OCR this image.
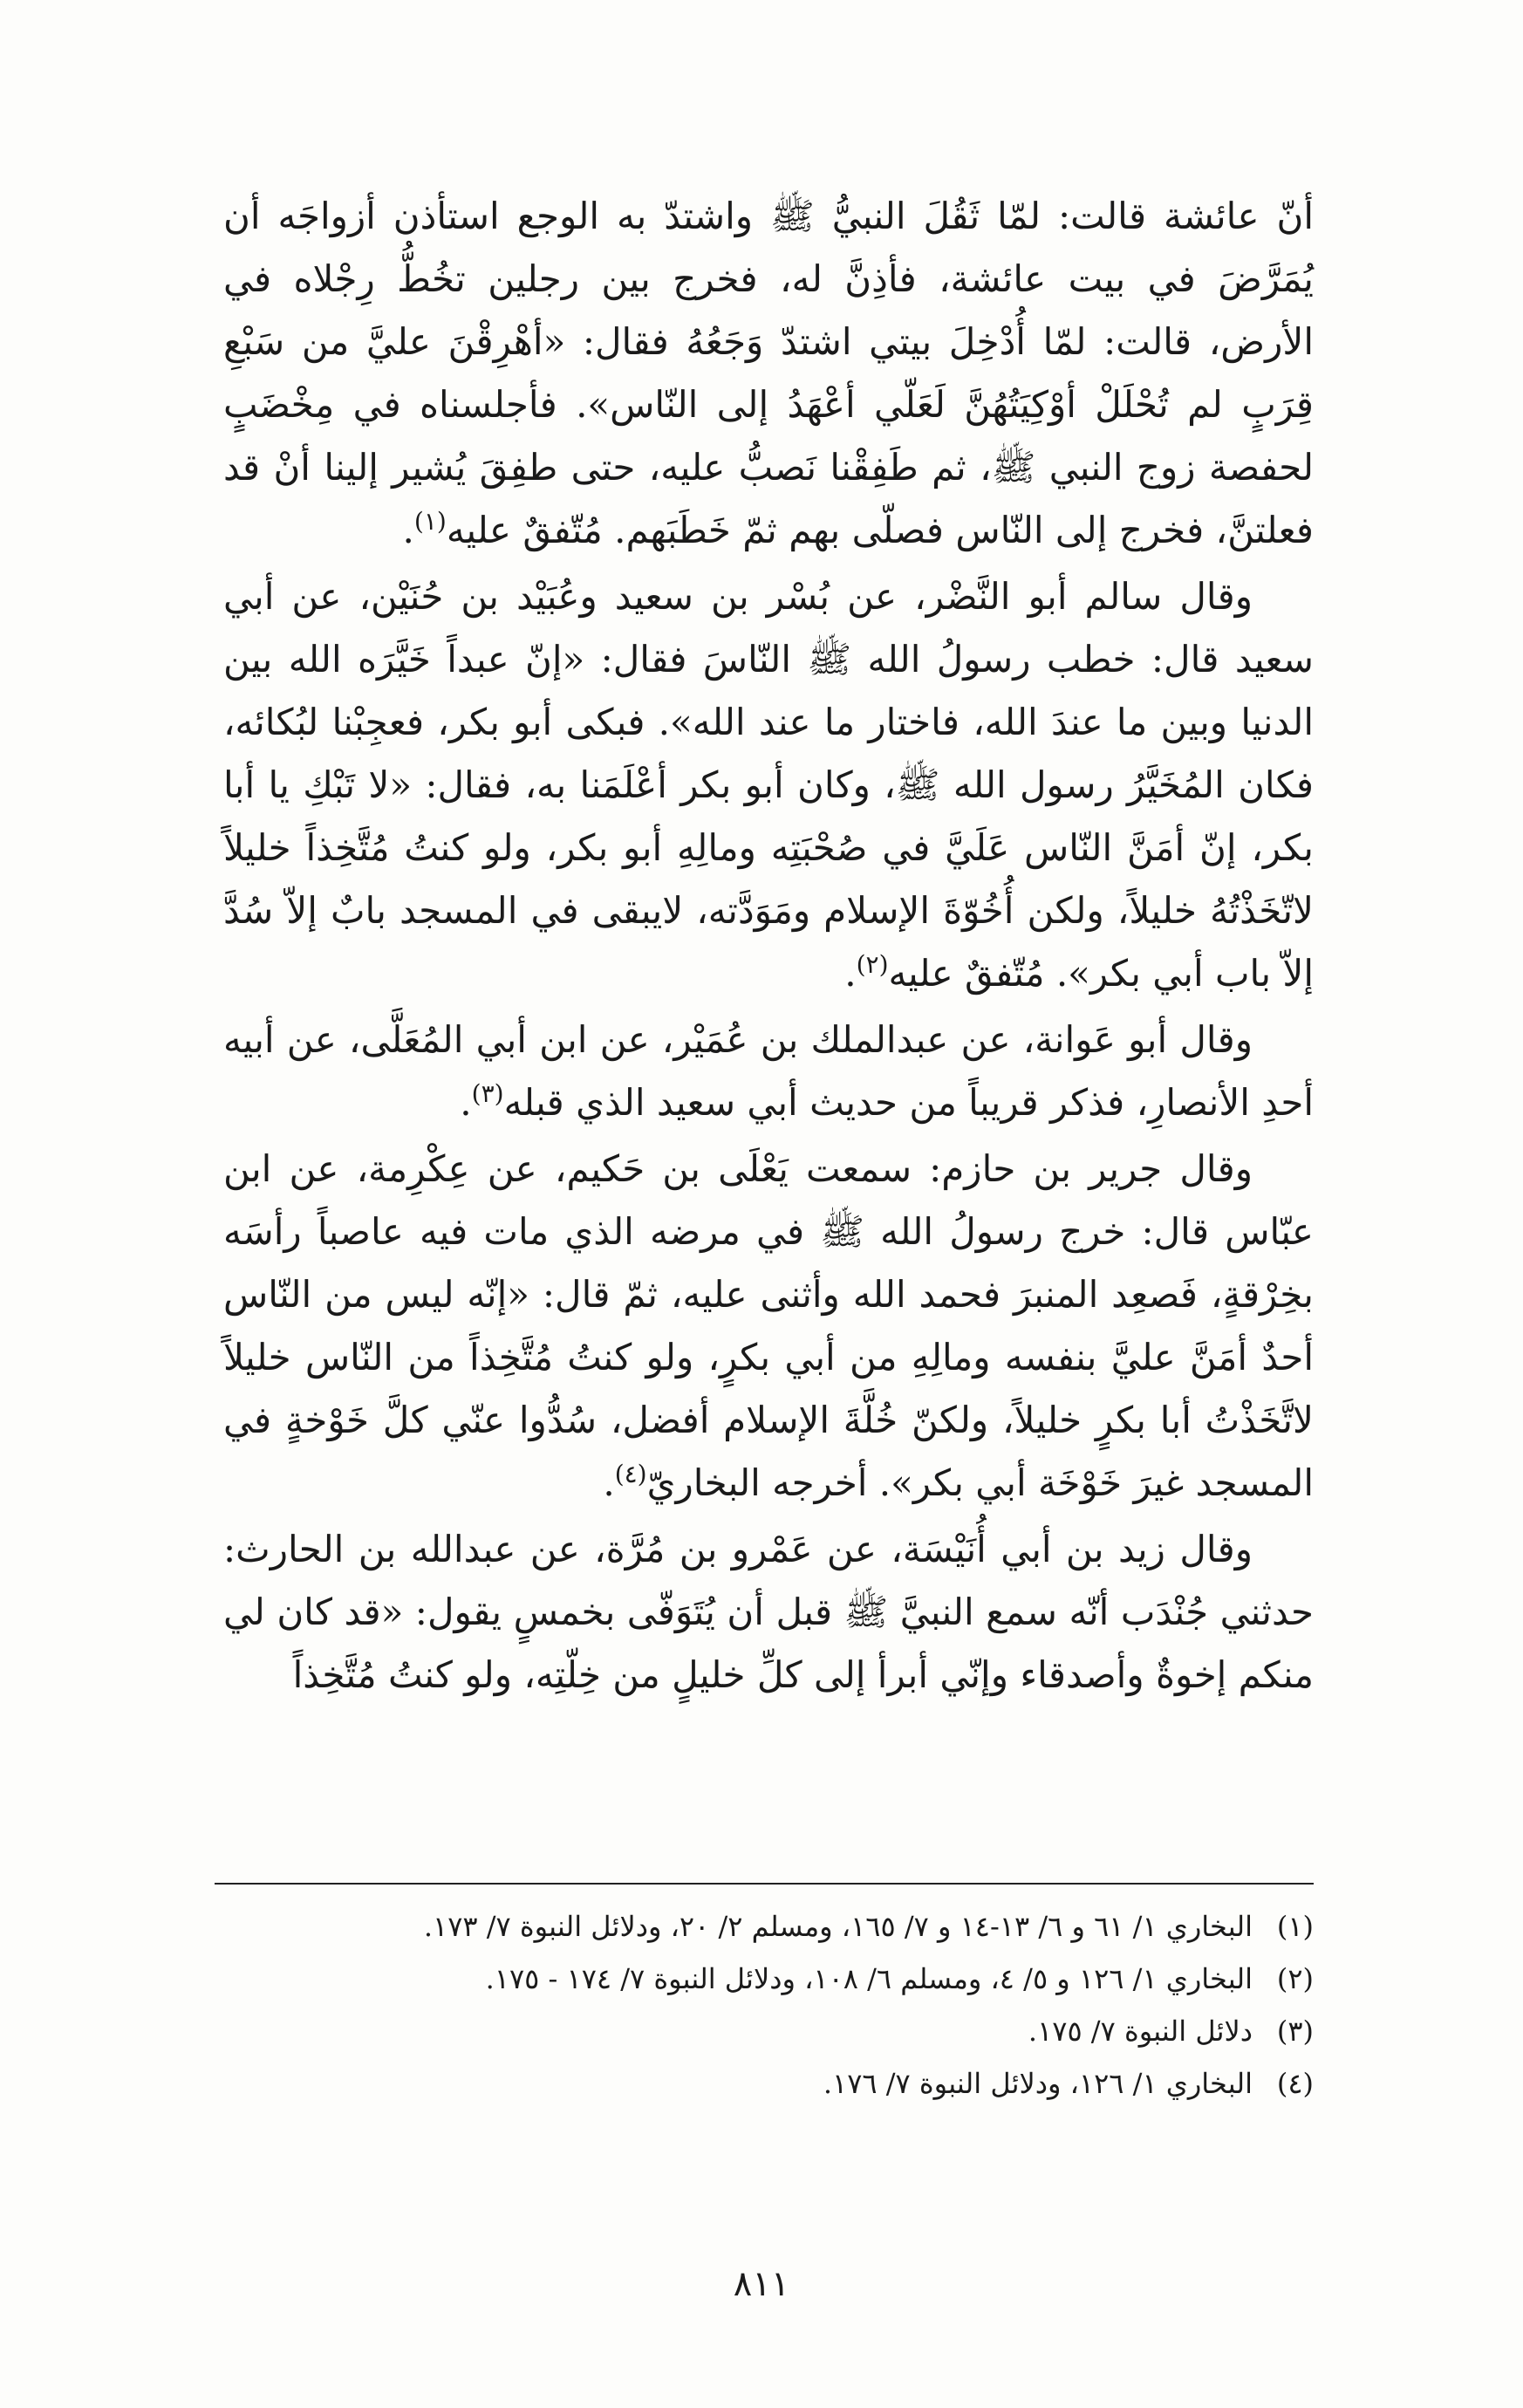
أنّ عائشة قالت: لمّا ثَقُلَ النبيُّ ﷺ واشتدّ به الوجع استأذن أزواجَه أن يُمَرَّضَ في بيت عائشة، فأذِنَّ له، فخرج بين رجلين تخُطُّ رِجْلاه في الأرض، قالت: لمّا أُدْخِلَ بيتي اشتدّ وَجَعُهُ فقال: «أهْرِقْنَ عليَّ من سَبْعِ قِرَبٍ لم تُحْلَلْ أوْكِيَتُهُنَّ لَعَلّي أعْهَدُ إلى النّاس». فأجلسناه في مِخْضَبٍ لحفصة زوج النبي ﷺ، ثم طَفِقْنا نَصبُّ عليه، حتى طفِقَ يُشير إلينا أنْ قد فعلتنَّ، فخرج إلى النّاس فصلّى بهم ثمّ خَطَبَهم. مُتّفقٌ عليه$^{(١)}$.

وقال سالم أبو النَّضْر، عن بُسْر بن سعيد وعُبَيْد بن حُنَيْن، عن أبي سعيد قال: خطب رسولُ الله ﷺ النّاسَ فقال: «إنّ عبداً خَيَّرَه الله بين الدنيا وبين ما عندَ الله، فاختار ما عند الله». فبكى أبو بكر، فعجِبْنا لبُكائه، فكان المُخَيَّرُ رسول الله ﷺ، وكان أبو بكر أعْلَمَنا به، فقال: «لا تَبْكِ يا أبا بكر، إنّ أمَنَّ النّاس عَلَيَّ في صُحْبَتِه ومالِهِ أبو بكر، ولو كنتُ مُتَّخِذاً خليلاً لاتّخَذْتُهُ خليلاً، ولكن أُخُوّةَ الإسلام ومَوَدَّته، لايبقى في المسجد بابٌ إلاّ سُدَّ إلاّ باب أبي بكر». مُتّفقٌ عليه$^{(٢)}$.

وقال أبو عَوانة، عن عبدالملك بن عُمَيْر، عن ابن أبي المُعَلَّى، عن أبيه أحدِ الأنصارِ، فذكر قريباً من حديث أبي سعيد الذي قبله$^{(٣)}$.

وقال جرير بن حازم: سمعت يَعْلَى بن حَكيم، عن عِكْرِمة، عن ابن عبّاس قال: خرج رسولُ الله ﷺ في مرضه الذي مات فيه عاصباً رأسَه بخِرْقةٍ، فَصعِد المنبرَ فحمد الله وأثنى عليه، ثمّ قال: «إنّه ليس من النّاس أحدٌ أمَنَّ عليَّ بنفسه ومالِهِ من أبي بكرٍ، ولو كنتُ مُتَّخِذاً من النّاس خليلاً لاتَّخَذْتُ أبا بكرٍ خليلاً، ولكنّ خُلَّةَ الإسلام أفضل، سُدُّوا عنّي كلَّ خَوْخةٍ في المسجد غيرَ خَوْخَة أبي بكر». أخرجه البخاريّ$^{(٤)}$.

وقال زيد بن أبي أُنَيْسَة، عن عَمْرو بن مُرَّة، عن عبدالله بن الحارث: حدثني جُنْدَب أنّه سمع النبيَّ ﷺ قبل أن يُتَوَفّى بخمسٍ يقول: «قد كان لي منكم إخوةٌ وأصدقاء وإنّي أبرأ إلى كلِّ خليلٍ من خِلّتِه، ولو كنتُ مُتَّخِذاً

(١)
البخاري ١/ ٦١ و ٦/ ١٣-١٤ و ٧/ ١٦٥، ومسلم ٢/ ٢٠، ودلائل النبوة ٧/ ١٧٣.
(٢)
البخاري ١/ ١٢٦ و ٥/ ٤، ومسلم ٦/ ١٠٨، ودلائل النبوة ٧/ ١٧٤ - ١٧٥.
(٣)
دلائل النبوة ٧/ ١٧٥.
(٤)
البخاري ١/ ١٢٦، ودلائل النبوة ٧/ ١٧٦.
٨١١
